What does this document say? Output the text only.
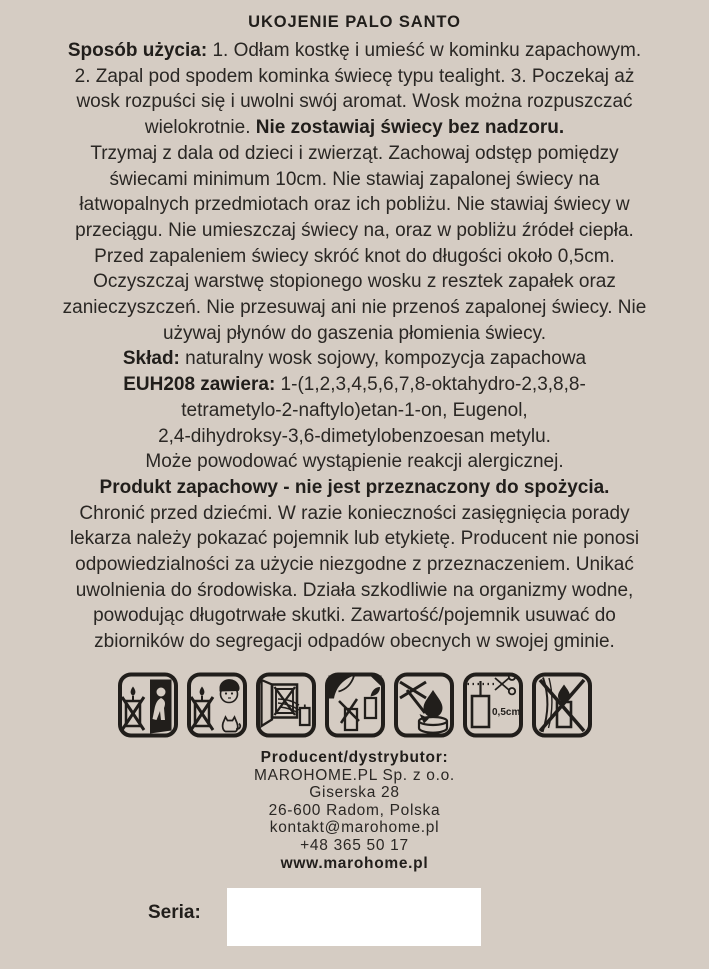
UKOJENIE PALO SANTO
Sposób użycia: 1. Odłam kostkę i umieść w kominku zapachowym.
2. Zapal pod spodem kominka świecę typu tealight. 3. Poczekaj aż
wosk rozpuści się i uwolni swój aromat. Wosk można rozpuszczać
wielokrotnie. Nie zostawiaj świecy bez nadzoru.
Trzymaj z dala od dzieci i zwierząt. Zachowaj odstęp pomiędzy
świecami minimum 10cm. Nie stawiaj zapalonej świecy na
łatwopalnych przedmiotach oraz ich pobliżu. Nie stawiaj świecy w
przeciągu. Nie umieszczaj świecy na, oraz w pobliżu źródeł ciepła.
Przed zapaleniem świecy skróć knot do długości około 0,5cm.
Oczyszczaj warstwę stopionego wosku z resztek zapałek oraz
zanieczyszczeń. Nie przesuwaj ani nie przenoś zapalonej świecy. Nie
używaj płynów do gaszenia płomienia świecy.
Skład: naturalny wosk sojowy, kompozycja zapachowa
EUH208 zawiera: 1-(1,2,3,4,5,6,7,8-oktahydro-2,3,8,8-
tetrametylo-2-naftylo)etan-1-on, Eugenol,
2,4-dihydroksy-3,6-dimetylobenzoesan metylu.
Może powodować wystąpienie reakcji alergicznej.
Produkt zapachowy - nie jest przeznaczony do spożycia.
Chronić przed dziećmi. W razie konieczności zasięgnięcia porady
lekarza należy pokazać pojemnik lub etykietę. Producent nie ponosi
odpowiedzialności za użycie niezgodne z przeznaczeniem. Unikać
uwolnienia do środowiska. Działa szkodliwie na organizmy wodne,
powodując długotrwałe skutki. Zawartość/pojemnik usuwać do
zbiorników do segregacji odpadów obecnych w swojej gminie.
0,5cm
Producent/dystrybutor:
MAROHOME.PL Sp. z o.o.
Giserska 28
26-600 Radom, Polska
kontakt@marohome.pl
+48 365 50 17
www.marohome.pl
Seria:
